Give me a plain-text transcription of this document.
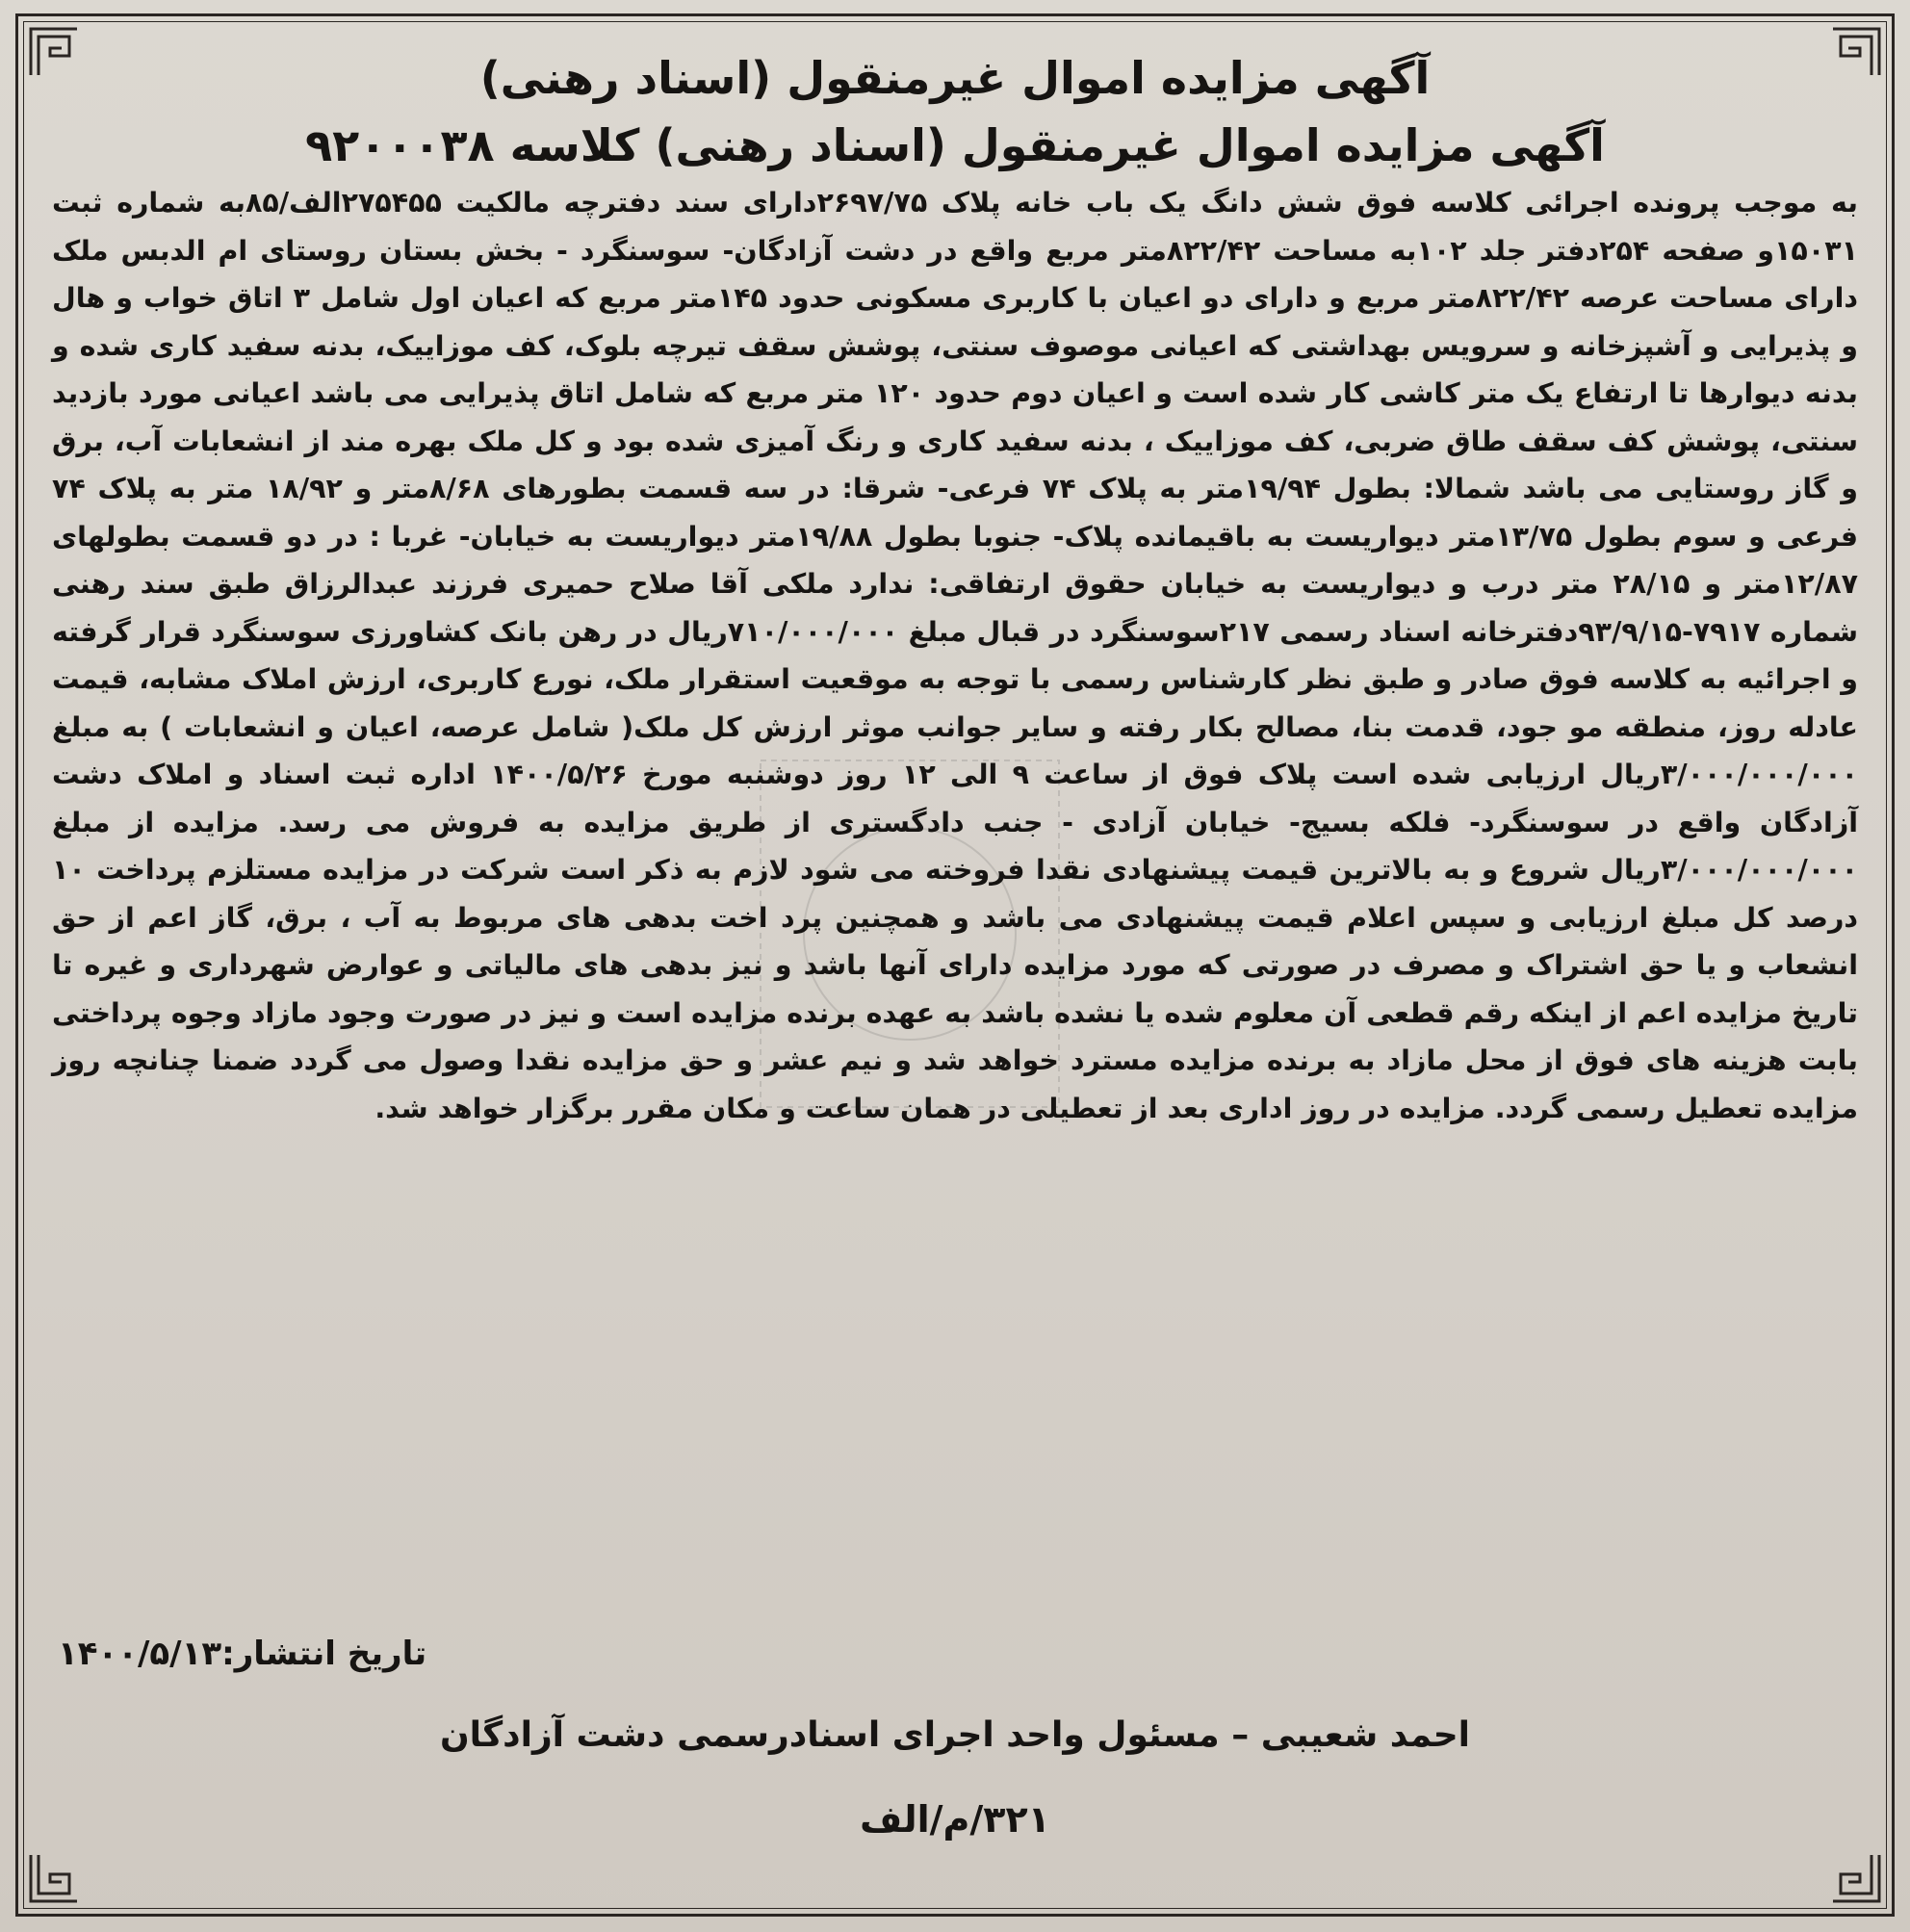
آگهی مزایده اموال غیرمنقول (اسناد رهنی)
آگهی مزایده اموال غیرمنقول (اسناد رهنی) کلاسه ۹۲۰۰۰۳۸

به موجب پرونده اجرائی کلاسه فوق شش دانگ یک باب خانه پلاک ۲۶۹۷/۷۵دارای سند دفترچه مالکیت ۲۷۵۴۵۵الف/۸۵به شماره ثبت ۱۵۰۳۱و صفحه ۲۵۴دفتر جلد ۱۰۲به مساحت ۸۲۲/۴۲متر مربع واقع در دشت آزادگان- سوسنگرد - بخش بستان روستای ام الدبس ملک دارای مساحت عرصه ۸۲۲/۴۲متر مربع و دارای دو اعیان با کاربری مسکونی حدود ۱۴۵متر مربع که اعیان اول شامل ۳ اتاق خواب و هال و پذیرایی و آشپزخانه و سرویس بهداشتی که اعیانی موصوف سنتی، پوشش سقف تیرچه بلوک، کف موزاییک، بدنه سفید کاری شده و بدنه دیوارها تا ارتفاع یک متر کاشی کار شده است و اعیان دوم حدود ۱۲۰ متر مربع که شامل اتاق پذیرایی می باشد اعیانی مورد بازدید سنتی، پوشش کف سقف طاق ضربی، کف موزاییک ، بدنه سفید کاری و رنگ آمیزی شده بود و کل ملک بهره مند از انشعابات آب، برق و گاز روستایی می باشد شمالا: بطول ۱۹/۹۴متر به پلاک ۷۴ فرعی- شرقا: در سه قسمت بطورهای ۸/۶۸متر و ۱۸/۹۲ متر به پلاک ۷۴ فرعی و سوم بطول ۱۳/۷۵متر دیواریست به باقیمانده پلاک- جنوبا بطول ۱۹/۸۸متر دیواریست به خیابان- غربا : در دو قسمت بطولهای ۱۲/۸۷متر و ۲۸/۱۵ متر درب و دیواریست به خیابان حقوق ارتفاقی: ندارد ملکی آقا صلاح حمیری فرزند عبدالرزاق طبق سند رهنی شماره ۷۹۱۷-۹۳/۹/۱۵دفترخانه اسناد رسمی ۲۱۷سوسنگرد در قبال مبلغ ۷۱۰/۰۰۰/۰۰۰ریال در رهن بانک کشاورزی سوسنگرد قرار گرفته و اجرائیه به کلاسه فوق صادر و طبق نظر کارشناس رسمی با توجه به موقعیت استقرار ملک، نورع کاربری، ارزش املاک مشابه، قیمت عادله روز، منطقه مو جود، قدمت بنا، مصالح بکار رفته و سایر جوانب موثر ارزش کل ملک( شامل عرصه، اعیان و انشعابات ) به مبلغ ۳/۰۰۰/۰۰۰/۰۰۰ریال ارزیابی شده است پلاک فوق از ساعت ۹ الی ۱۲ روز دوشنبه مورخ ۱۴۰۰/۵/۲۶ اداره ثبت اسناد و املاک دشت آزادگان واقع در سوسنگرد- فلکه بسیج- خیابان آزادی - جنب دادگستری از طریق مزایده به فروش می رسد. مزایده از مبلغ ۳/۰۰۰/۰۰۰/۰۰۰ریال شروع و به بالاترین قیمت پیشنهادی نقدا فروخته می شود لازم به ذکر است شرکت در مزایده مستلزم پرداخت ۱۰ درصد کل مبلغ ارزیابی و سپس اعلام قیمت پیشنهادی می باشد و همچنین پرد اخت بدهی های مربوط به آب ، برق، گاز اعم از حق انشعاب و یا حق اشتراک و مصرف در صورتی که مورد مزایده دارای آنها باشد و نیز بدهی های مالیاتی و عوارض شهرداری و غیره تا تاریخ مزایده اعم از اینکه رقم قطعی آن معلوم شده یا نشده باشد به عهده برنده مزایده است و نیز در صورت وجود مازاد وجوه پرداختی بابت هزینه های فوق از محل مازاد به برنده مزایده مسترد خواهد شد و نیم عشر و حق مزایده نقدا وصول می گردد ضمنا چنانچه روز مزایده تعطیل رسمی گردد. مزایده در روز اداری بعد از تعطیلی در همان ساعت و مکان مقرر برگزار خواهد شد.

تاریخ انتشار:۱۴۰۰/۵/۱۳
احمد شعیبی – مسئول واحد اجرای اسنادرسمی دشت آزادگان
۳۲۱/م/الف
